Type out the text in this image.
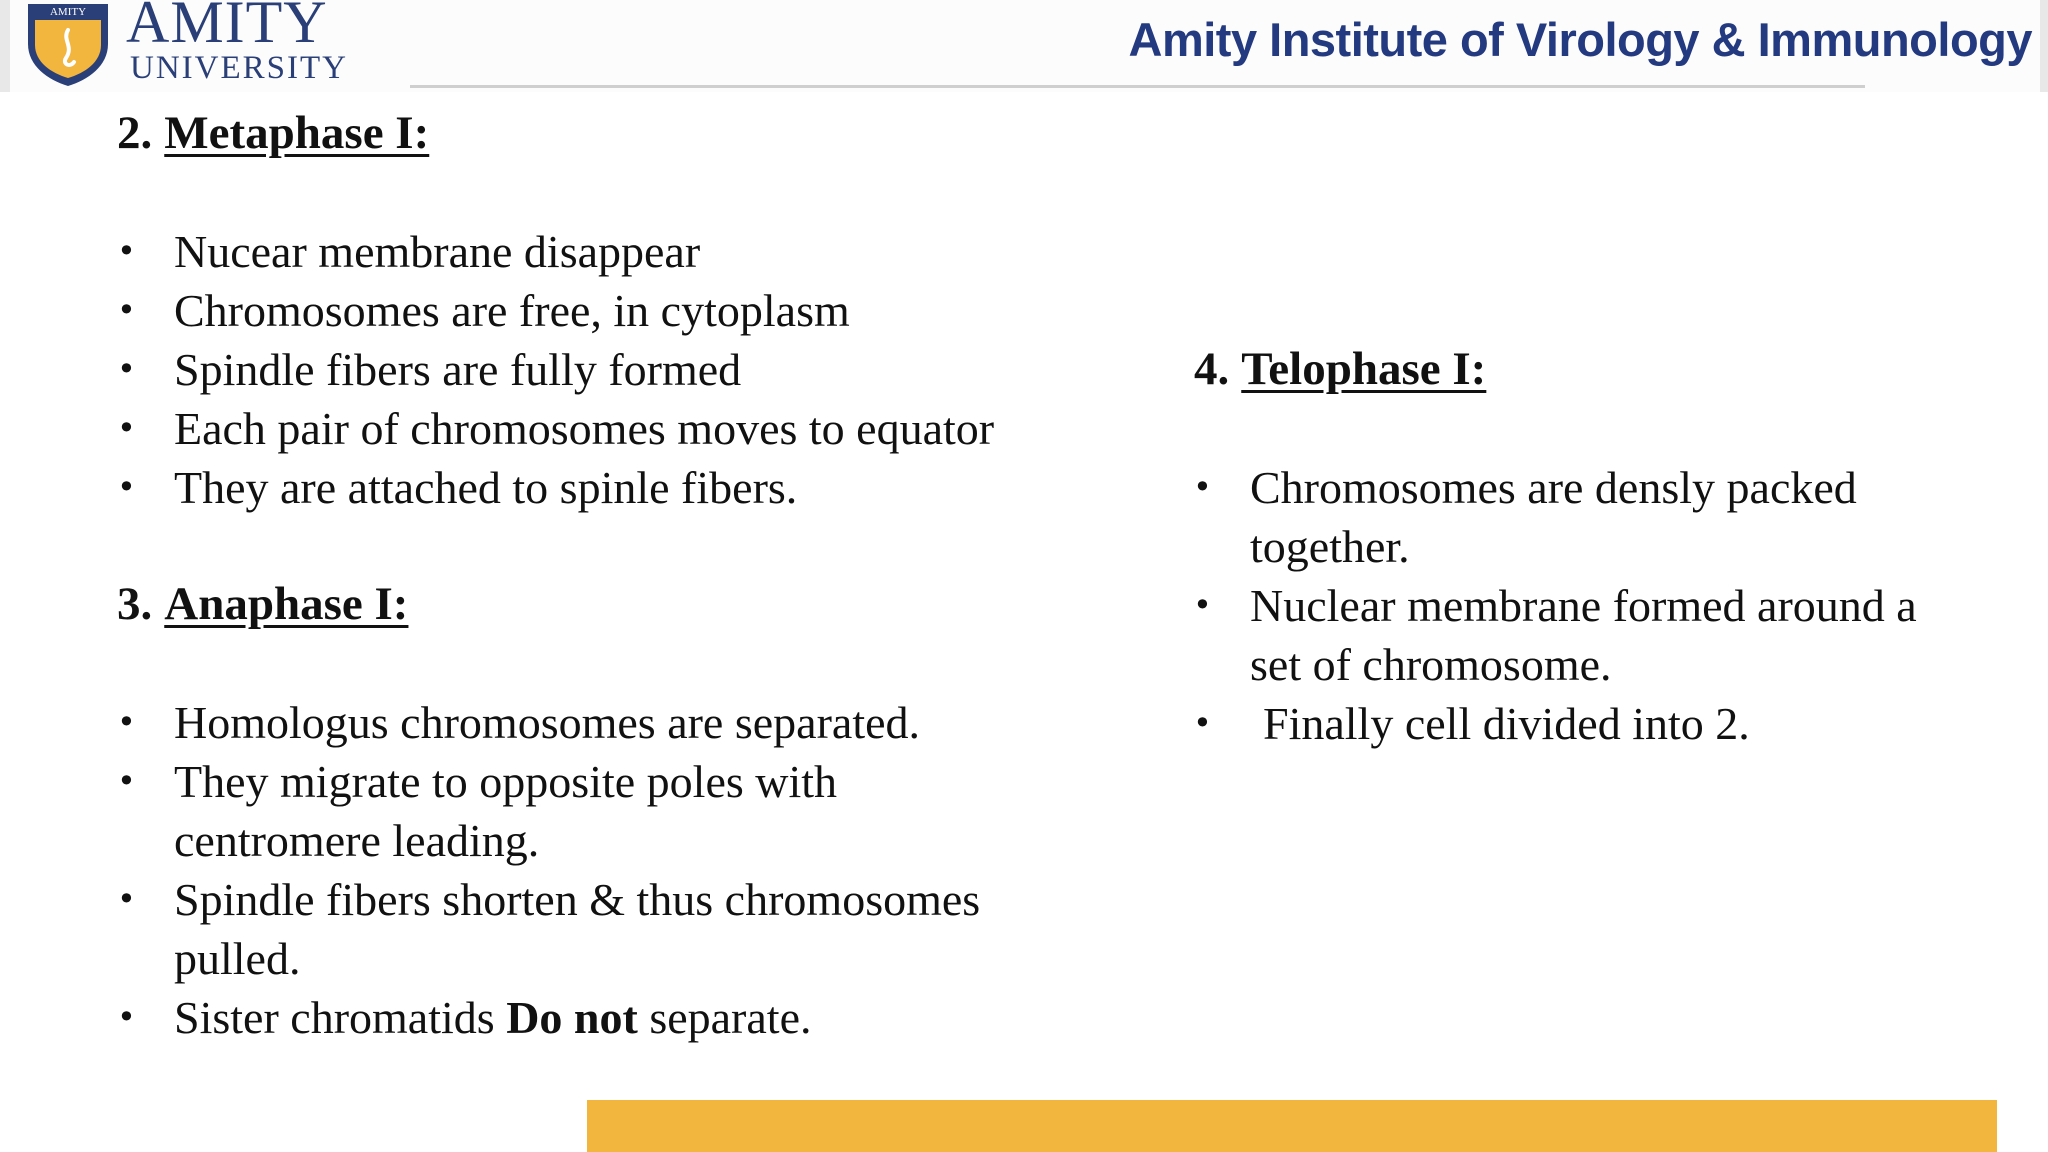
AMITY AMITY
UNIVERSITY
Amity Institute of Virology & Immunology
2. Metaphase I:
• Nucear membrane disappear
• Chromosomes are free, in cytoplasm
• Spindle fibers are fully formed
• Each pair of chromosomes moves to equator
• They are attached to spinle fibers.
3. Anaphase I:
• Homologus chromosomes are separated.
• They migrate to opposite poles with
centromere leading.
• Spindle fibers shorten & thus chromosomes
pulled.
• Sister chromatids Do not separate.
4. Telophase I:
• Chromosomes are densly packed
together.
• Nuclear membrane formed around a
set of chromosome.
• Finally cell divided into 2.
